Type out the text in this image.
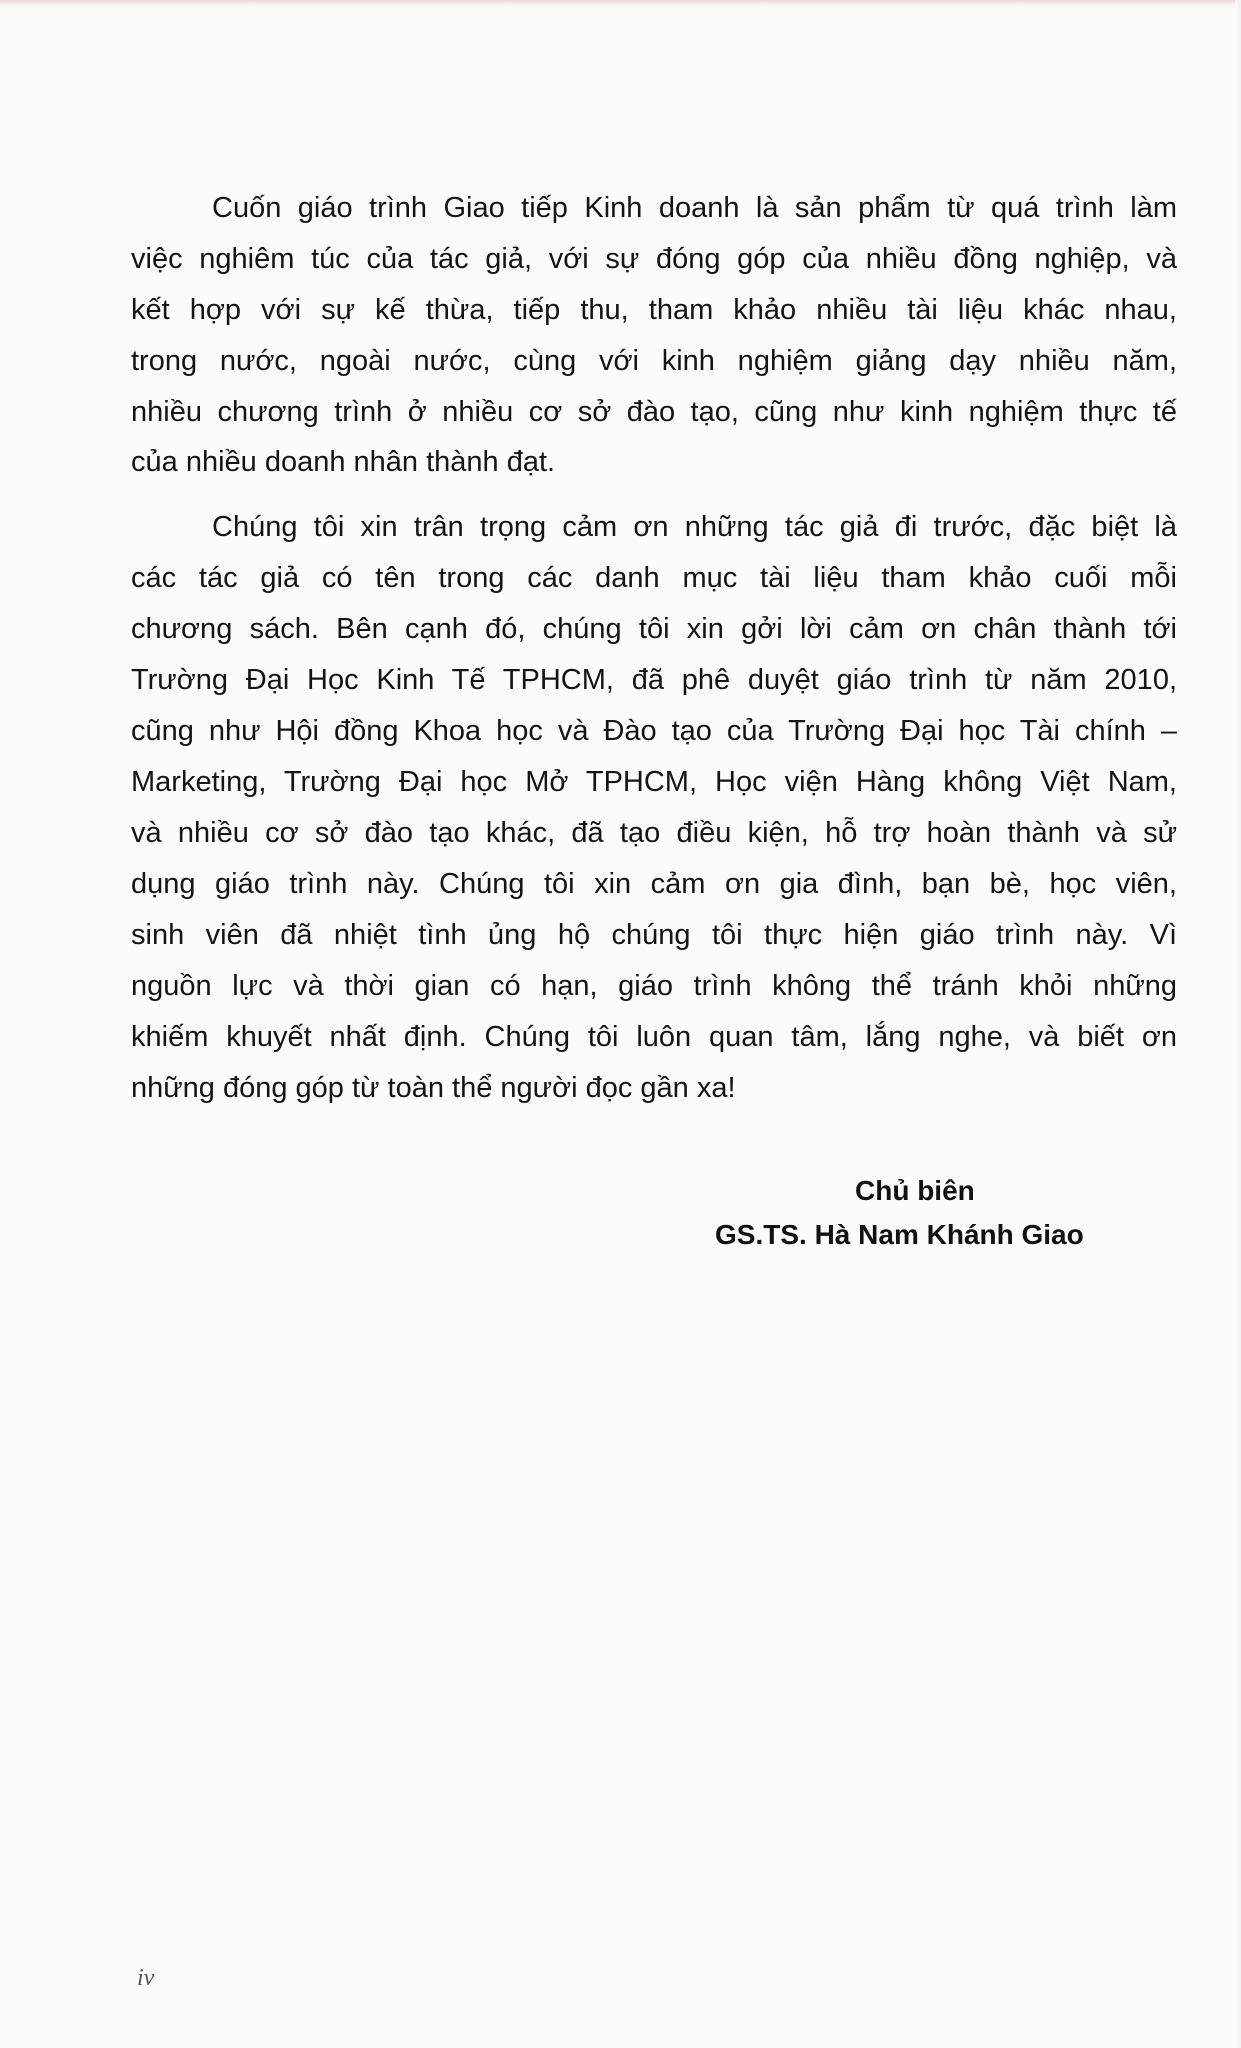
Cuốn giáo trình Giao tiếp Kinh doanh là sản phẩm từ quá trình làm
việc nghiêm túc của tác giả, với sự đóng góp của nhiều đồng nghiệp, và
kết hợp với sự kế thừa, tiếp thu, tham khảo nhiều tài liệu khác nhau,
trong nước, ngoài nước, cùng với kinh nghiệm giảng dạy nhiều năm,
nhiều chương trình ở nhiều cơ sở đào tạo, cũng như kinh nghiệm thực tế
của nhiều doanh nhân thành đạt.
Chúng tôi xin trân trọng cảm ơn những tác giả đi trước, đặc biệt là
các tác giả có tên trong các danh mục tài liệu tham khảo cuối mỗi
chương sách. Bên cạnh đó, chúng tôi xin gởi lời cảm ơn chân thành tới
Trường Đại Học Kinh Tế TPHCM, đã phê duyệt giáo trình từ năm 2010,
cũng như Hội đồng Khoa học và Đào tạo của Trường Đại học Tài chính –
Marketing, Trường Đại học Mở TPHCM, Học viện Hàng không Việt Nam,
và nhiều cơ sở đào tạo khác, đã tạo điều kiện, hỗ trợ hoàn thành và sử
dụng giáo trình này. Chúng tôi xin cảm ơn gia đình, bạn bè, học viên,
sinh viên đã nhiệt tình ủng hộ chúng tôi thực hiện giáo trình này. Vì
nguồn lực và thời gian có hạn, giáo trình không thể tránh khỏi những
khiếm khuyết nhất định. Chúng tôi luôn quan tâm, lắng nghe, và biết ơn
những đóng góp từ toàn thể người đọc gần xa!
Chủ biên
GS.TS. Hà Nam Khánh Giao
iv
